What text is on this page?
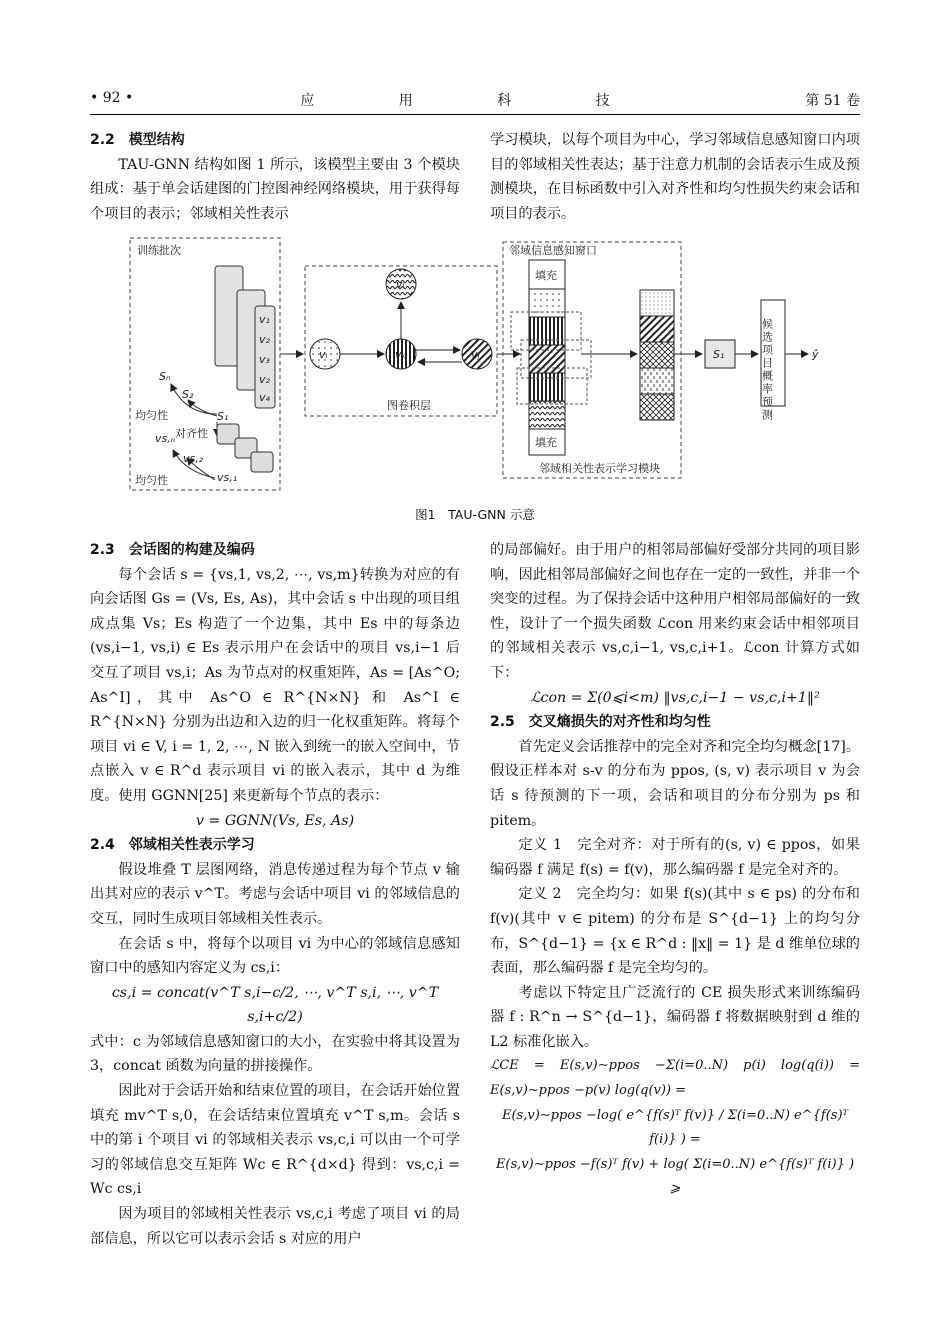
• 92 •	应 用 科 技	第 51 卷

2.2　模型结构

TAU-GNN 结构如图 1 所示，该模型主要由 3 个模块组成：基于单会话建图的门控图神经网络模块，用于获得每个项目的表示；邻域相关性表示

学习模块，以每个项目为中心，学习邻域信息感知窗口内项目的邻域相关性表达；基于注意力机制的会话表示生成及预测模块，在目标函数中引入对齐性和均匀性损失约束会话和项目的表示。

训练批次
v₁
v₂
v₃
v₂
v₄
Sₙ
S₂
S₁
均匀性
对齐性
vs,ₙ
vs,₂
vs,₁
均匀性
图卷积层
vᵢ	vₖ
vₗ
vⱼ
邻域信息感知窗口
邻域相关性表示学习模块
填充
填充
S₁	候选项目概率预测	ŷ
图1　TAU-GNN 示意

2.3　会话图的构建及编码

每个会话 s = {vs,1, vs,2, ⋯, vs,m}转换为对应的有向会话图 Gs = (Vs, Es, As)，其中会话 s 中出现的项目组成点集 Vs；Es 构造了一个边集，其中 Es 中的每条边(vs,i−1, vs,i) ∈ Es 表示用户在会话中的项目 vs,i−1 后交互了项目 vs,i；As 为节点对的权重矩阵，As = [As^O; As^I]，其中 As^O ∈ R^{N×N} 和 As^I ∈ R^{N×N} 分别为出边和入边的归一化权重矩阵。将每个项目 vi ∈ V, i = 1, 2, ⋯, N 嵌入到统一的嵌入空间中，节点嵌入 v ∈ R^d 表示项目 vi 的嵌入表示，其中 d 为维度。使用 GGNN[25] 来更新每个节点的表示：

v = GGNN(Vs, Es, As)

2.4　邻域相关性表示学习

假设堆叠 T 层图网络，消息传递过程为每个节点 v 输出其对应的表示 v^T。考虑与会话中项目 vi 的邻域信息的交互，同时生成项目邻域相关性表示。

在会话 s 中，将每个以项目 vi 为中心的邻域信息感知窗口中的感知内容定义为 cs,i：

cs,i = concat(v^T s,i−c/2, ⋯, v^T s,i, ⋯, v^T s,i+c/2)

式中：c 为邻域信息感知窗口的大小，在实验中将其设置为 3，concat 函数为向量的拼接操作。

因此对于会话开始和结束位置的项目，在会话开始位置填充 mv^T s,0，在会话结束位置填充 v^T s,m。会话 s 中的第 i 个项目 vi 的邻域相关表示 vs,c,i 可以由一个可学习的邻域信息交互矩阵 Wc ∈ R^{d×d} 得到：vs,c,i = Wc cs,i

因为项目的邻域相关性表示 vs,c,i 考虑了项目 vi 的局部信息，所以它可以表示会话 s 对应的用户

的局部偏好。由于用户的相邻局部偏好受部分共同的项目影响，因此相邻局部偏好之间也存在一定的一致性，并非一个突变的过程。为了保持会话中这种用户相邻局部偏好的一致性，设计了一个损失函数 ℒcon 用来约束会话中相邻项目的邻域相关表示 vs,c,i−1, vs,c,i+1。ℒcon 计算方式如下：

ℒcon = Σ(0⩽i<m) ‖vs,c,i−1 − vs,c,i+1‖²

2.5　交叉熵损失的对齐性和均匀性

首先定义会话推荐中的完全对齐和完全均匀概念[17]。假设正样本对 s-v 的分布为 ppos, (s, v) 表示项目 v 为会话 s 待预测的下一项，会话和项目的分布分别为 ps 和 pitem。

定义 1　完全对齐：对于所有的(s, v) ∈ ppos，如果编码器 f 满足 f(s) = f(v)，那么编码器 f 是完全对齐的。

定义 2　完全均匀：如果 f(s)(其中 s ∈ ps) 的分布和 f(v)(其中 v ∈ pitem) 的分布是 S^{d−1} 上的均匀分布，S^{d−1} = {x ∈ R^d : ‖x‖ = 1} 是 d 维单位球的表面，那么编码器 f 是完全均匀的。

考虑以下特定且广泛流行的 CE 损失形式来训练编码器 f : R^n → S^{d−1}，编码器 f 将数据映射到 d 维的 L2 标准化嵌入。

ℒCE = E(s,v)∼ppos −Σ(i=0..N) p(i) log(q(i)) = E(s,v)∼ppos −p(v) log(q(v)) =

E(s,v)∼ppos −log( e^{f(s)ᵀ f(v)} / Σ(i=0..N) e^{f(s)ᵀ f(i)} ) =

E(s,v)∼ppos −f(s)ᵀ f(v) + log( Σ(i=0..N) e^{f(s)ᵀ f(i)} ) ⩾
